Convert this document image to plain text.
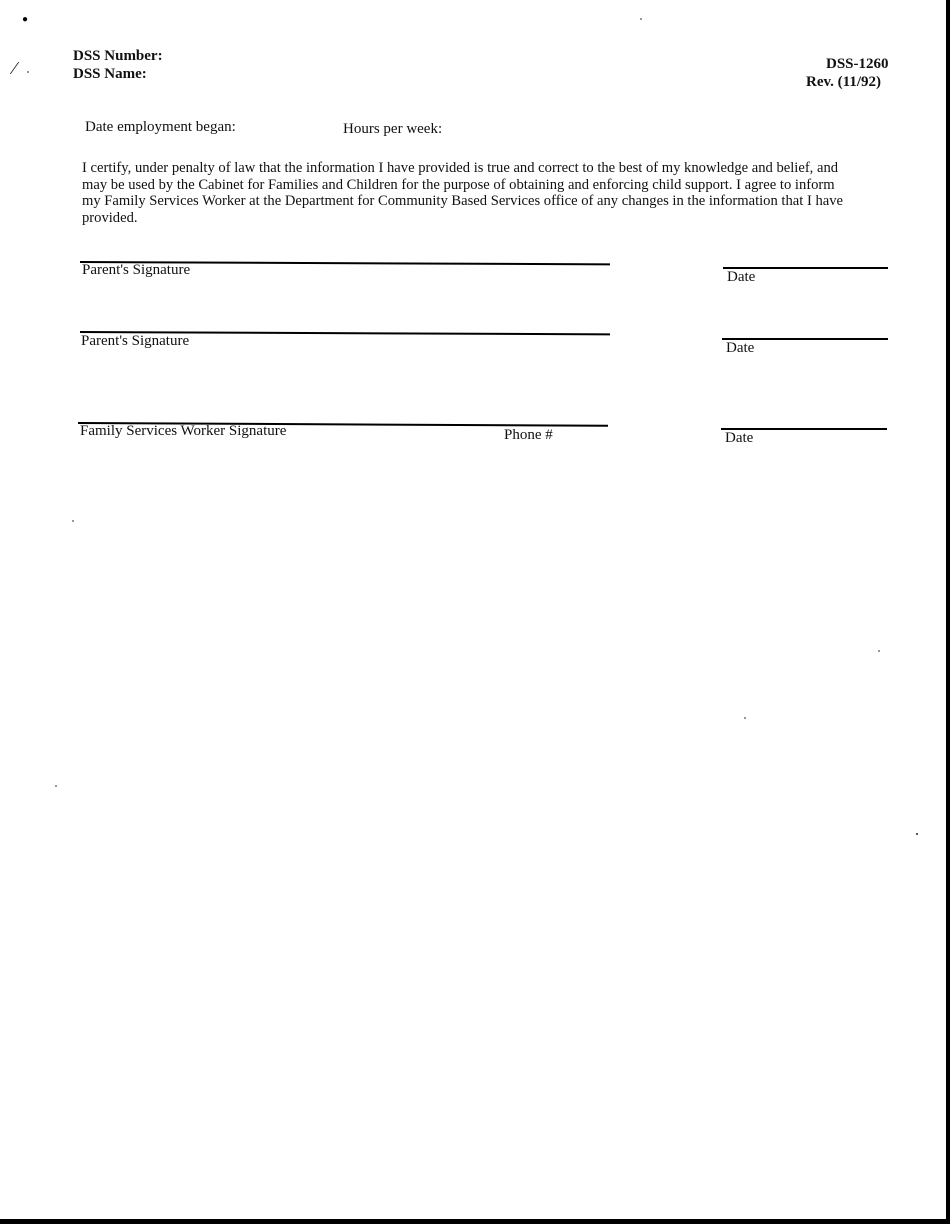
●
⁄
DSS Number:
DSS Name:
DSS-1260
Rev. (11/92)
Date employment began:	Hours per week:
I certify, under penalty of law that the information I have provided is true and correct to the best of my knowledge and belief, and
may be used by the Cabinet for Families and Children for the purpose of obtaining and enforcing child support. I agree to inform
my Family Services Worker at the Department for Community Based Services office of any changes in the information that I have
provided.
Parent's Signature	Date
Parent's Signature	Date
Family Services Worker Signature	Phone #	Date
